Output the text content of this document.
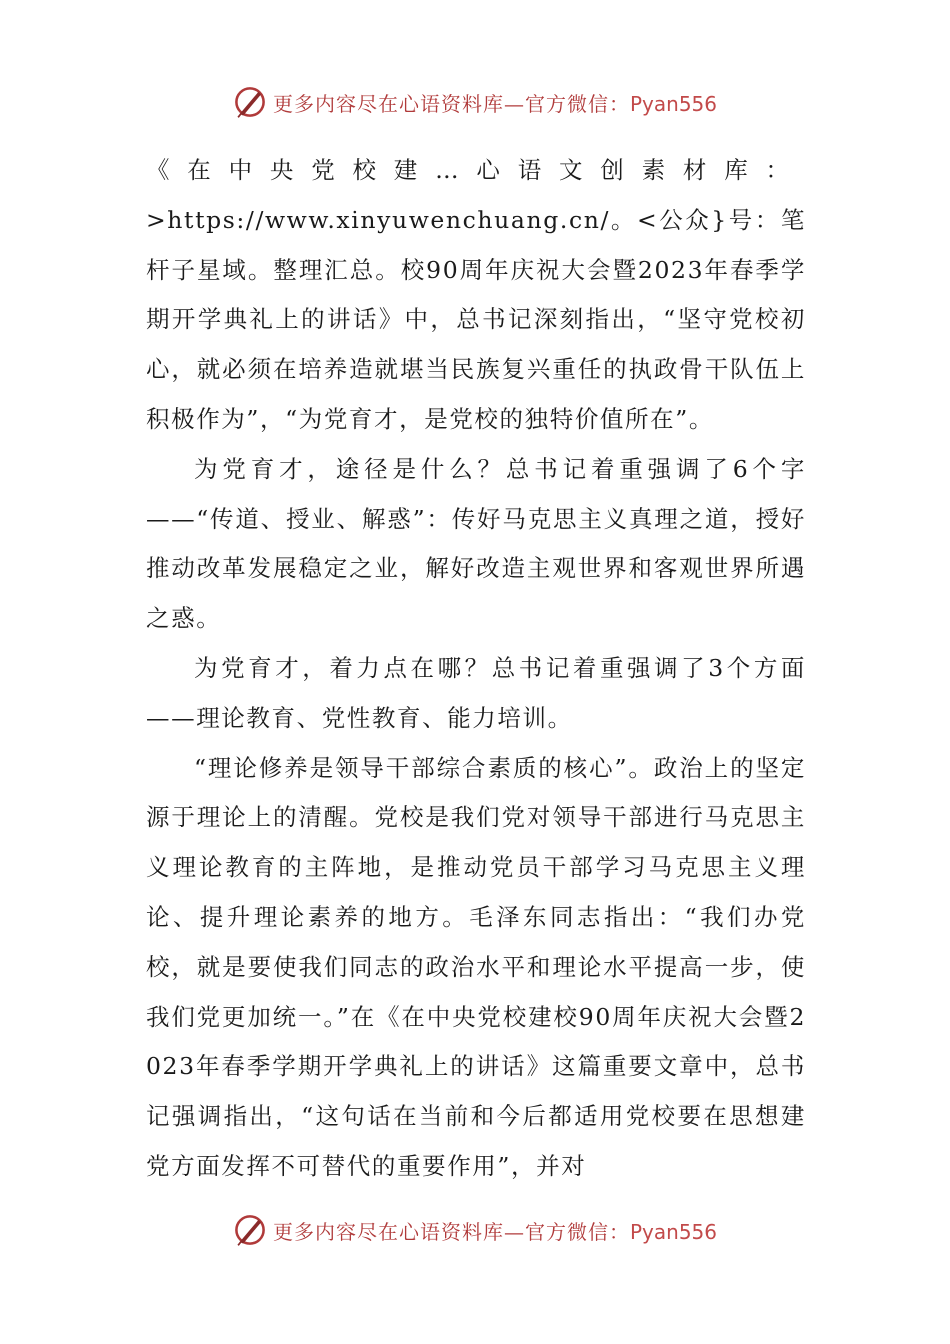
更多内容尽在心语资料库—官方微信：Pyan556

《在中央党校建…心语文创素材库：>https://www.xinyuwenchuang.cn/。<公众}号：笔杆子星域。整理汇总。校90周年庆祝大会暨2023年春季学期开学典礼上的讲话》中，总书记深刻指出，“坚守党校初心，就必须在培养造就堪当民族复兴重任的执政骨干队伍上积极作为”，“为党育才，是党校的独特价值所在”。

为党育才，途径是什么？总书记着重强调了6个字——“传道、授业、解惑”：传好马克思主义真理之道，授好推动改革发展稳定之业，解好改造主观世界和客观世界所遇之惑。

为党育才，着力点在哪？总书记着重强调了3个方面——理论教育、党性教育、能力培训。

“理论修养是领导干部综合素质的核心”。政治上的坚定源于理论上的清醒。党校是我们党对领导干部进行马克思主义理论教育的主阵地，是推动党员干部学习马克思主义理论、提升理论素养的地方。毛泽东同志指出：“我们办党校，就是要使我们同志的政治水平和理论水平提高一步，使我们党更加统一。”在《在中央党校建校90周年庆祝大会暨2023年春季学期开学典礼上的讲话》这篇重要文章中，总书记强调指出，“这句话在当前和今后都适用党校要在思想建党方面发挥不可替代的重要作用”，并对

更多内容尽在心语资料库—官方微信：Pyan556
